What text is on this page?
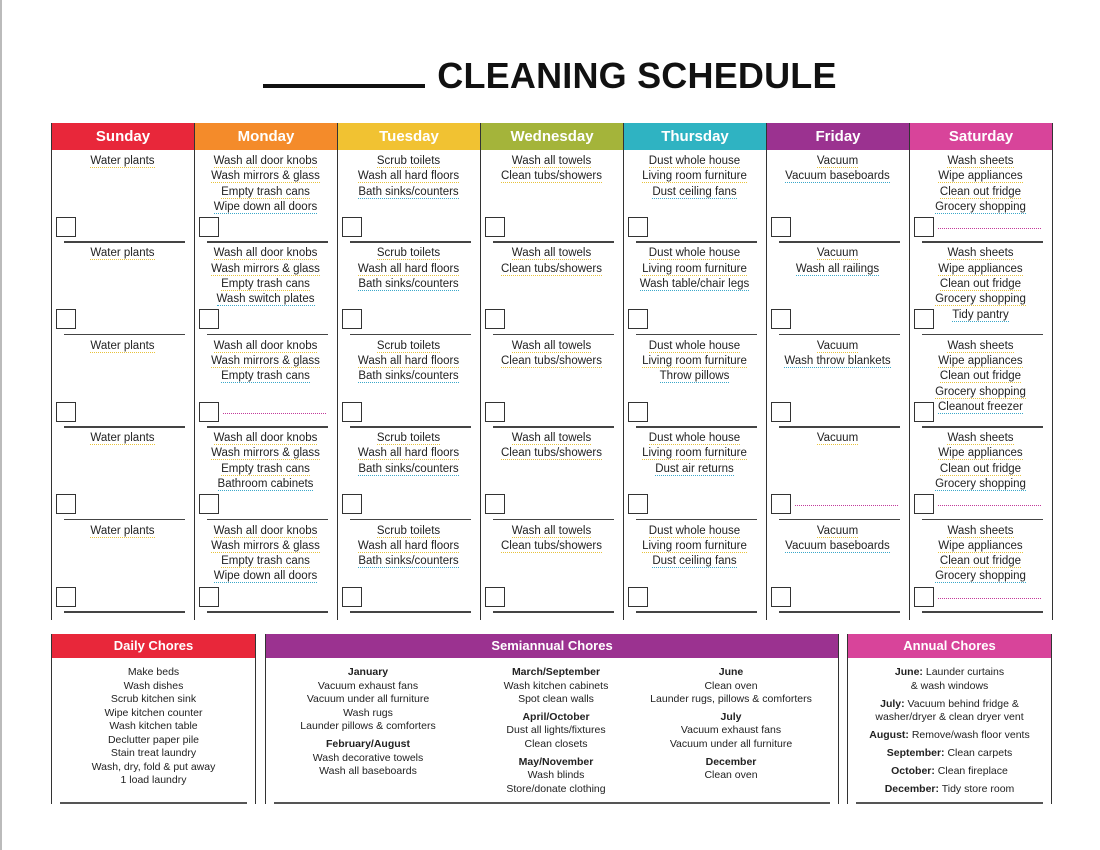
CLEANING SCHEDULE
Sunday
Water plants
Water plants
Water plants
Water plants
Water plants
Monday
Wash all door knobs
Wash mirrors & glass
Empty trash cans
Wipe down all doors
Wash all door knobs
Wash mirrors & glass
Empty trash cans
Wash switch plates
Wash all door knobs
Wash mirrors & glass
Empty trash cans
Wash all door knobs
Wash mirrors & glass
Empty trash cans
Bathroom cabinets
Wash all door knobs
Wash mirrors & glass
Empty trash cans
Wipe down all doors
Tuesday
Scrub toilets
Wash all hard floors
Bath sinks/counters
Scrub toilets
Wash all hard floors
Bath sinks/counters
Scrub toilets
Wash all hard floors
Bath sinks/counters
Scrub toilets
Wash all hard floors
Bath sinks/counters
Scrub toilets
Wash all hard floors
Bath sinks/counters
Wednesday
Wash all towels
Clean tubs/showers
Wash all towels
Clean tubs/showers
Wash all towels
Clean tubs/showers
Wash all towels
Clean tubs/showers
Wash all towels
Clean tubs/showers
Thursday
Dust whole house
Living room furniture
Dust ceiling fans
Dust whole house
Living room furniture
Wash table/chair legs
Dust whole house
Living room furniture
Throw pillows
Dust whole house
Living room furniture
Dust air returns
Dust whole house
Living room furniture
Dust ceiling fans
Friday
Vacuum
Vacuum baseboards
Vacuum
Wash all railings
Vacuum
Wash throw blankets
Vacuum
Vacuum
Vacuum baseboards
Saturday
Wash sheets
Wipe appliances
Clean out fridge
Grocery shopping
Wash sheets
Wipe appliances
Clean out fridge
Grocery shopping
Tidy pantry
Wash sheets
Wipe appliances
Clean out fridge
Grocery shopping
Cleanout freezer
Wash sheets
Wipe appliances
Clean out fridge
Grocery shopping
Wash sheets
Wipe appliances
Clean out fridge
Grocery shopping
Daily Chores
Make beds
Wash dishes
Scrub kitchen sink
Wipe kitchen counter
Wash kitchen table
Declutter paper pile
Stain treat laundry
Wash, dry, fold & put away
1 load laundry
Semiannual Chores
January
Vacuum exhaust fans
Vacuum under all furniture
Wash rugs
Launder pillows & comforters
February/August
Wash decorative towels
Wash all baseboards
March/September
Wash kitchen cabinets
Spot clean walls
April/October
Dust all lights/fixtures
Clean closets
May/November
Wash blinds
Store/donate clothing
June
Clean oven
Launder rugs, pillows & comforters
July
Vacuum exhaust fans
Vacuum under all furniture
December
Clean oven
Annual Chores
June: Launder curtains
& wash windows
July: Vacuum behind fridge &
washer/dryer & clean dryer vent
August: Remove/wash floor vents
September: Clean carpets
October: Clean fireplace
December: Tidy store room
